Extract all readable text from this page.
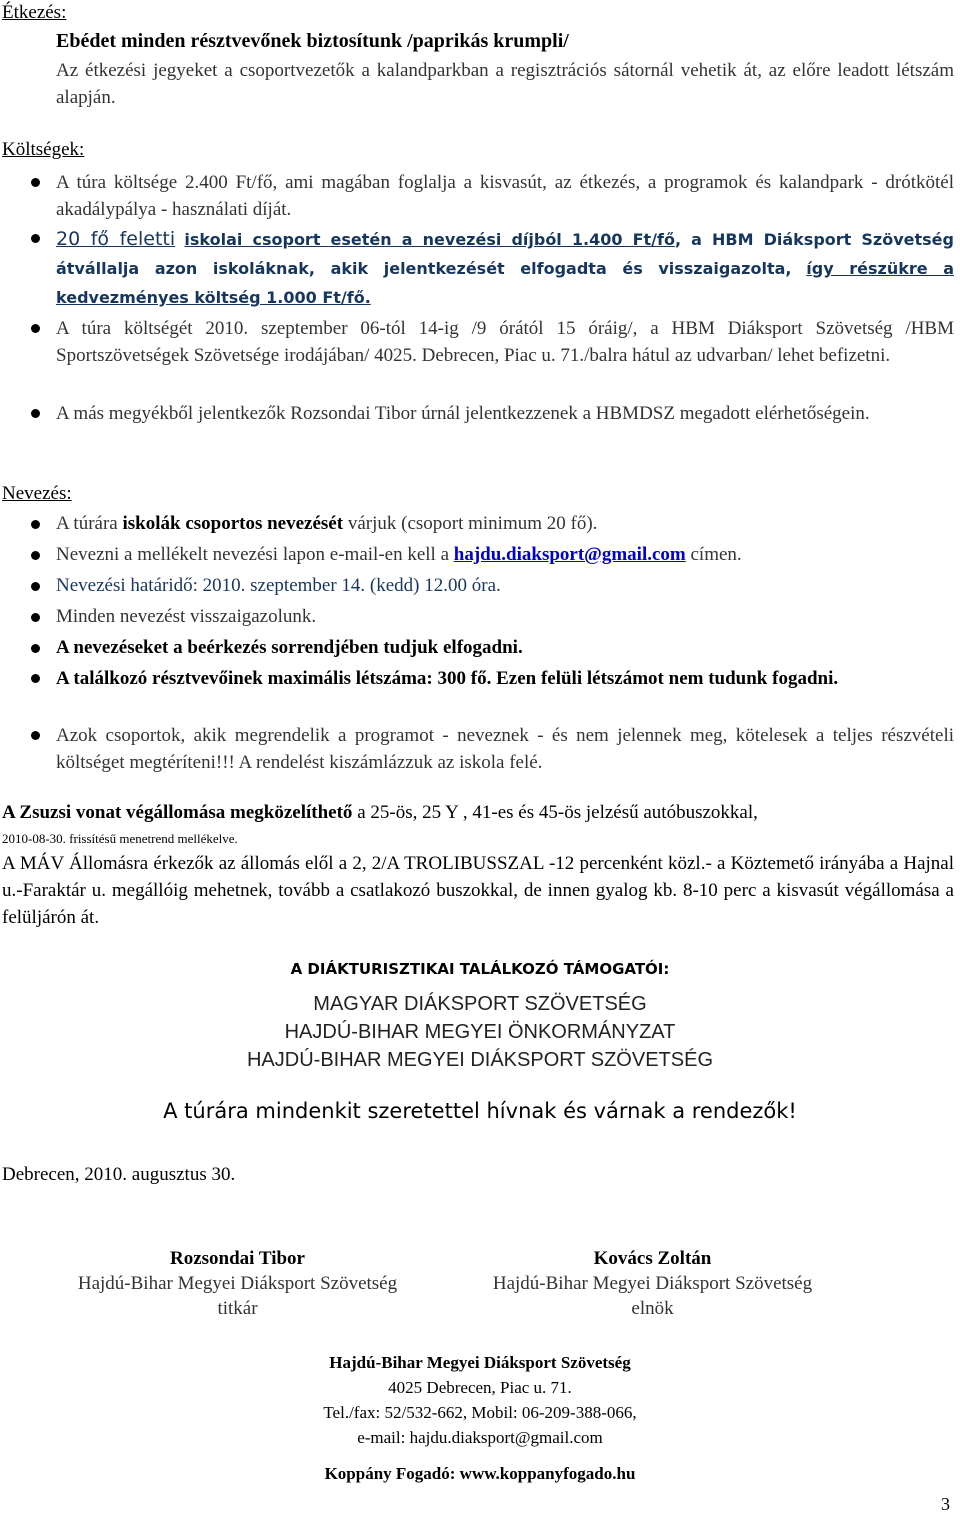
Étkezés:
Ebédet minden résztvevőnek biztosítunk /paprikás krumpli/
Az étkezési jegyeket a csoportvezetők a kalandparkban a regisztrációs sátornál vehetik át, az előre leadott létszám alapján.
Költségek:
A túra költsége 2.400 Ft/fő, ami magában foglalja a kisvasút, az étkezés, a programok és kalandpark - drótkötél akadálypálya - használati díját.
20 fő feletti iskolai csoport esetén a nevezési díjból 1.400 Ft/fő, a HBM Diáksport Szövetség átvállalja azon iskoláknak, akik jelentkezését elfogadta és visszaigazolta, így részükre a kedvezményes költség 1.000 Ft/fő.
A túra költségét 2010. szeptember 06-tól 14-ig /9 órától 15 óráig/, a HBM Diáksport Szövetség /HBM Sportszövetségek Szövetsége irodájában/ 4025. Debrecen, Piac u. 71./balra hátul az udvarban/ lehet befizetni.
A más megyékből jelentkezők Rozsondai Tibor úrnál jelentkezzenek a HBMDSZ megadott elérhetőségein.
Nevezés:
A túrára iskolák csoportos nevezését várjuk (csoport minimum 20 fő).
Nevezni a mellékelt nevezési lapon e-mail-en kell a hajdu.diaksport@gmail.com címen.
Nevezési határidő: 2010. szeptember 14. (kedd) 12.00 óra.
Minden nevezést visszaigazolunk.
A nevezéseket a beérkezés sorrendjében tudjuk elfogadni.
A találkozó résztvevőinek maximális létszáma: 300 fő. Ezen felüli létszámot nem tudunk fogadni.
Azok csoportok, akik megrendelik a programot - neveznek - és nem jelennek meg, kötelesek a teljes részvételi költséget megtéríteni!!! A rendelést kiszámlázzuk az iskola felé.
A Zsuzsi vonat végállomása megközelíthető a 25-ös, 25 Y , 41-es és 45-ös jelzésű autóbuszokkal,
2010-08-30. frissítésű menetrend mellékelve.
A MÁV Állomásra érkezők az állomás elől a 2, 2/A TROLIBUSSZAL -12 percenként közl.- a Köztemető irányába a Hajnal u.-Faraktár u. megállóig mehetnek, tovább a csatlakozó buszokkal, de innen gyalog kb. 8-10 perc a kisvasút végállomása a felüljárón át.
A DIÁKTURISZTIKAI TALÁLKOZÓ TÁMOGATÓI:
MAGYAR DIÁKSPORT SZÖVETSÉG
HAJDÚ-BIHAR MEGYEI ÖNKORMÁNYZAT
HAJDÚ-BIHAR MEGYEI DIÁKSPORT SZÖVETSÉG
A túrára mindenkit szeretettel hívnak és várnak a rendezők!
Debrecen, 2010. augusztus 30.
Rozsondai Tibor
Hajdú-Bihar Megyei Diáksport Szövetség
titkár
Kovács Zoltán
Hajdú-Bihar Megyei Diáksport Szövetség
elnök
Hajdú-Bihar Megyei Diáksport Szövetség
4025 Debrecen, Piac u. 71.
Tel./fax: 52/532-662, Mobil: 06-209-388-066,
e-mail: hajdu.diaksport@gmail.com
Koppány Fogadó: www.koppanyfogado.hu
3
